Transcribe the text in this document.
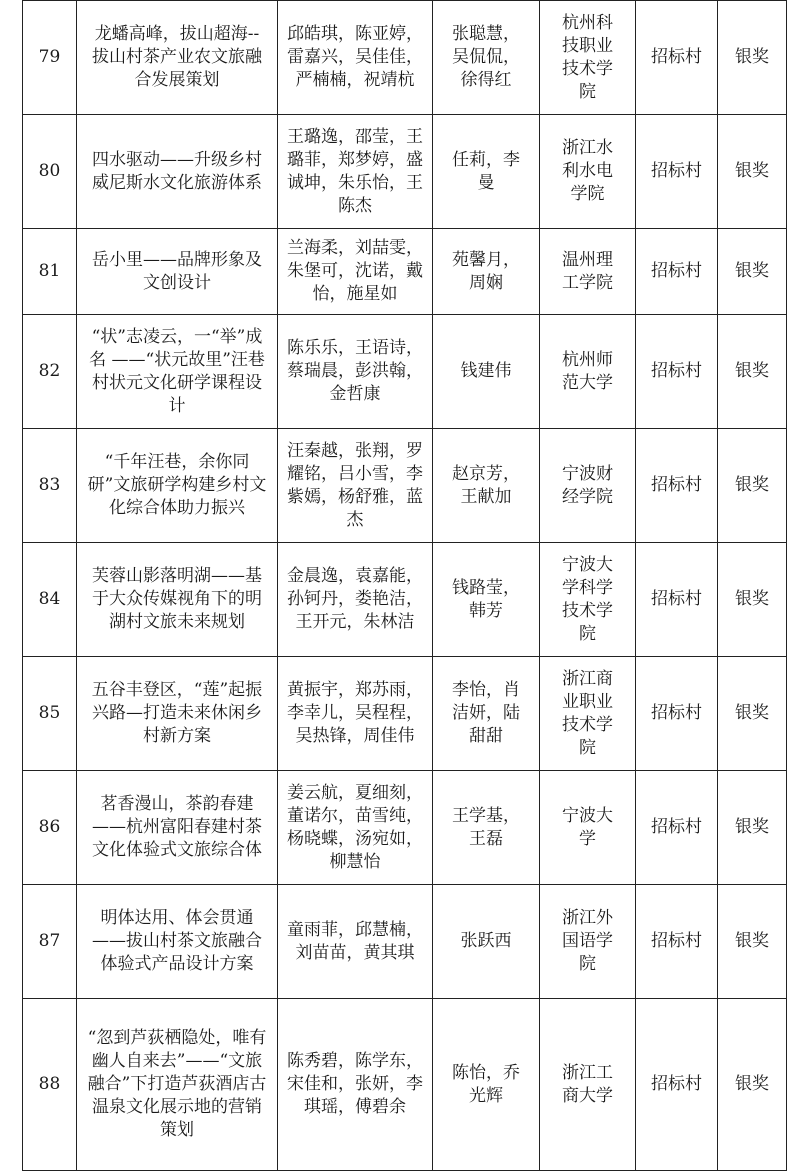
79	龙蟠高峰，拔山超海--拔山村茶产业农文旅融合发展策划	邱皓琪，陈亚婷，雷嘉兴，吴佳佳，严楠楠，祝靖杭	张聪慧，吴侃侃，徐得红	杭州科技职业技术学院	招标村	银奖
80	四水驱动——升级乡村威尼斯水文化旅游体系	王璐逸，邵莹，王璐菲，郑梦婷，盛诚坤，朱乐怡，王陈杰	任莉，李曼	浙江水利水电学院	招标村	银奖
81	岳小里——品牌形象及文创设计	兰海柔，刘喆雯，朱堡可，沈诺，戴怡，施星如	苑馨月，周娴	温州理工学院	招标村	银奖
82	“状”志凌云，一“举”成名 ——“状元故里”汪巷村状元文化研学课程设计	陈乐乐，王语诗，蔡瑞晨，彭洪翰，金哲康	钱建伟	杭州师范大学	招标村	银奖
83	“千年汪巷，余你同研”文旅研学构建乡村文化综合体助力振兴	汪秦越，张翔，罗耀铭，吕小雪，李紫嫣，杨舒雅，蓝杰	赵京芳，王献加	宁波财经学院	招标村	银奖
84	芙蓉山影落明湖——基于大众传媒视角下的明湖村文旅未来规划	金晨逸，袁嘉能，孙钶丹，娄艳洁，王开元，朱林洁	钱路莹，韩芳	宁波大学科学技术学院	招标村	银奖
85	五谷丰登区，“莲”起振兴路—打造未来休闲乡村新方案	黄振宇，郑苏雨，李幸儿，吴程程，吴热锋，周佳伟	李怡，肖洁妍，陆甜甜	浙江商业职业技术学院	招标村	银奖
86	茗香漫山，茶韵春建——杭州富阳春建村茶文化体验式文旅综合体	姜云航，夏细刻，董诺尔，苗雪纯，杨晓蝶，汤宛如，柳慧怡	王学基，王磊	宁波大学	招标村	银奖
87	明体达用、体会贯通——拔山村茶文旅融合体验式产品设计方案	童雨菲，邱慧楠，刘苗苗，黄其琪	张跃西	浙江外国语学院	招标村	银奖
88	“忽到芦荻栖隐处，唯有幽人自来去”——“文旅融合”下打造芦荻酒店古温泉文化展示地的营销策划	陈秀碧，陈学东，宋佳和，张妍，李琪瑶，傅碧余	陈怡，乔光辉	浙江工商大学	招标村	银奖
